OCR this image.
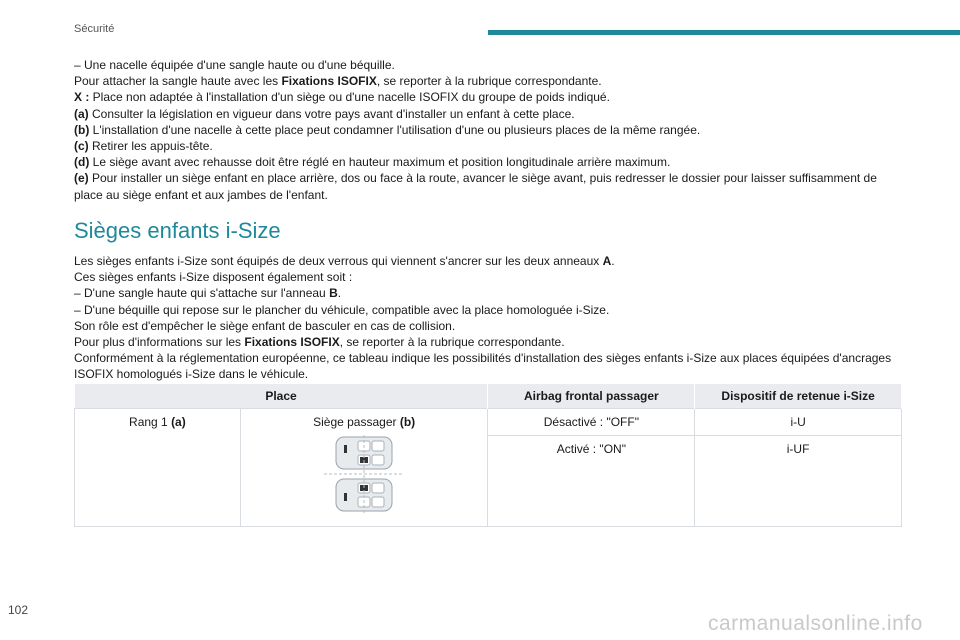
Sécurité
– Une nacelle équipée d'une sangle haute ou d'une béquille.
Pour attacher la sangle haute avec les Fixations ISOFIX, se reporter à la rubrique correspondante.
X : Place non adaptée à l'installation d'un siège ou d'une nacelle ISOFIX du groupe de poids indiqué.
(a) Consulter la législation en vigueur dans votre pays avant d'installer un enfant à cette place.
(b) L'installation d'une nacelle à cette place peut condamner l'utilisation d'une ou plusieurs places de la même rangée.
(c) Retirer les appuis-tête.
(d) Le siège avant avec rehausse doit être réglé en hauteur maximum et position longitudinale arrière maximum.
(e) Pour installer un siège enfant en place arrière, dos ou face à la route, avancer le siège avant, puis redresser le dossier pour laisser suffisamment de
place au siège enfant et aux jambes de l'enfant.
Sièges enfants i-Size
Les sièges enfants i-Size sont équipés de deux verrous qui viennent s'ancrer sur les deux anneaux A.
Ces sièges enfants i-Size disposent également soit :
– D'une sangle haute qui s'attache sur l'anneau B.
– D'une béquille qui repose sur le plancher du véhicule, compatible avec la place homologuée i-Size.
Son rôle est d'empêcher le siège enfant de basculer en cas de collision.
Pour plus d'informations sur les Fixations ISOFIX, se reporter à la rubrique correspondante.
Conformément à la réglementation européenne, ce tableau indique les possibilités d'installation des sièges enfants i-Size aux places équipées d'ancrages
ISOFIX homologués i-Size dans le véhicule.
Place		Airbag frontal passager	Dispositif de retenue i-Size
Rang 1 (a)	Siège passager (b)	Désactivé : "OFF"	i-U
		Activé : "ON"	i-UF
102
carmanualsonline.info
